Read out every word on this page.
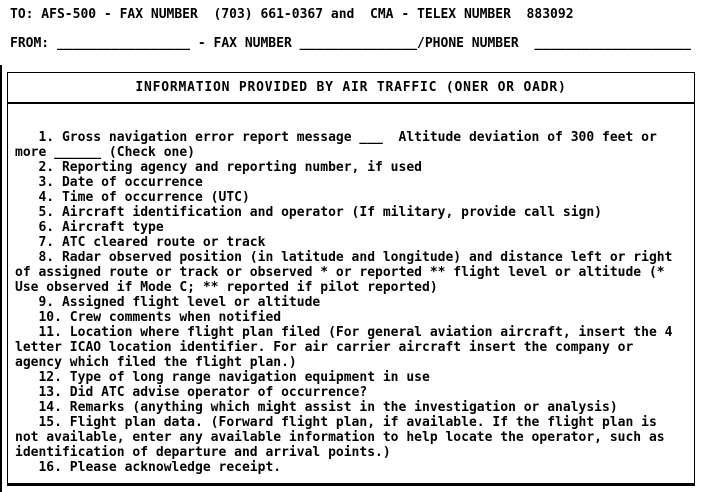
TO: AFS-500 - FAX NUMBER  (703) 661-0367 and  CMA - TELEX NUMBER  883092
FROM: _________________ - FAX NUMBER _______________/PHONE NUMBER  ____________________
INFORMATION PROVIDED BY AIR TRAFFIC (ONER OR OADR)
1. Gross navigation error report message ___  Altitude deviation of 300 feet or
more ______ (Check one)
2. Reporting agency and reporting number, if used
3. Date of occurrence
4. Time of occurrence (UTC)
5. Aircraft identification and operator (If military, provide call sign)
6. Aircraft type
7. ATC cleared route or track
8. Radar observed position (in latitude and longitude) and distance left or right
of assigned route or track or observed * or reported ** flight level or altitude (*
Use observed if Mode C; ** reported if pilot reported)
9. Assigned flight level or altitude
10. Crew comments when notified
11. Location where flight plan filed (For general aviation aircraft, insert the 4
letter ICAO location identifier. For air carrier aircraft insert the company or
agency which filed the flight plan.)
12. Type of long range navigation equipment in use
13. Did ATC advise operator of occurrence?
14. Remarks (anything which might assist in the investigation or analysis)
15. Flight plan data. (Forward flight plan, if available. If the flight plan is
not available, enter any available information to help locate the operator, such as
identification of departure and arrival points.)
16. Please acknowledge receipt.
